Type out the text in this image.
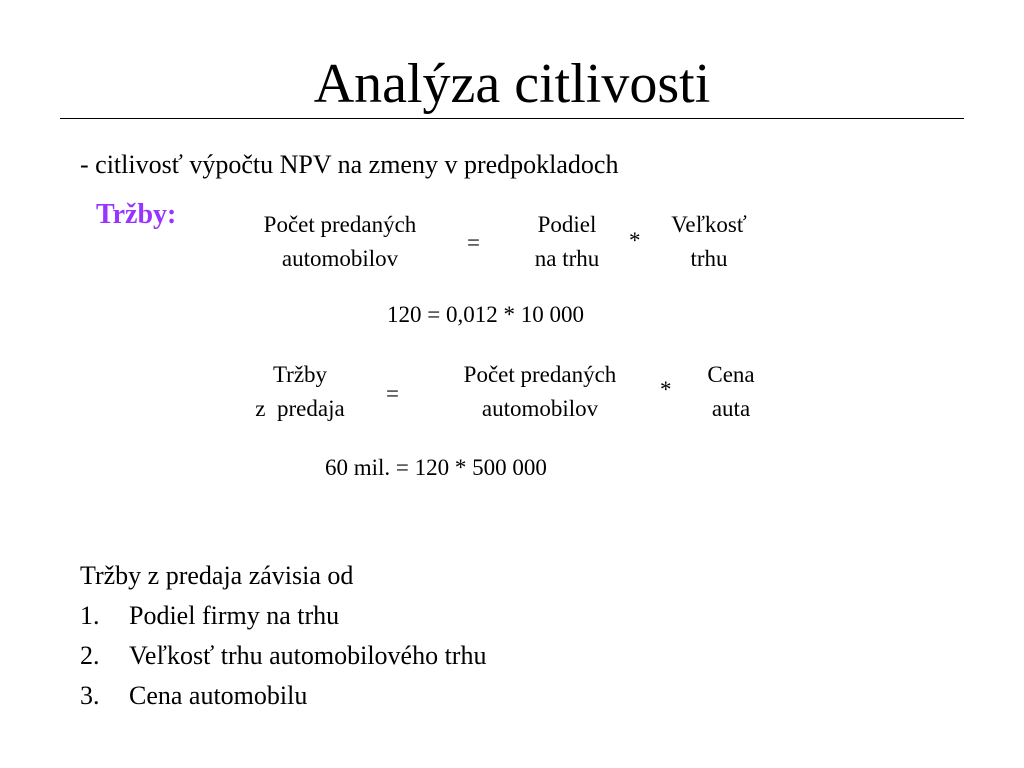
Analýza citlivosti
- citlivosť výpočtu NPV na zmeny v predpokladoch
Tržby:	Počet predaných
automobilov
=
Podiel
na trhu
*
Veľkosť
trhu
120 = 0,012 * 10 000
Tržby
z  predaja
=
Počet predaných
automobilov
*
Cena
auta
60 mil. = 120 * 500 000
Tržby z predaja závisia od
1.	Podiel firmy na trhu
2.	Veľkosť trhu automobilového trhu
3.	Cena automobilu
